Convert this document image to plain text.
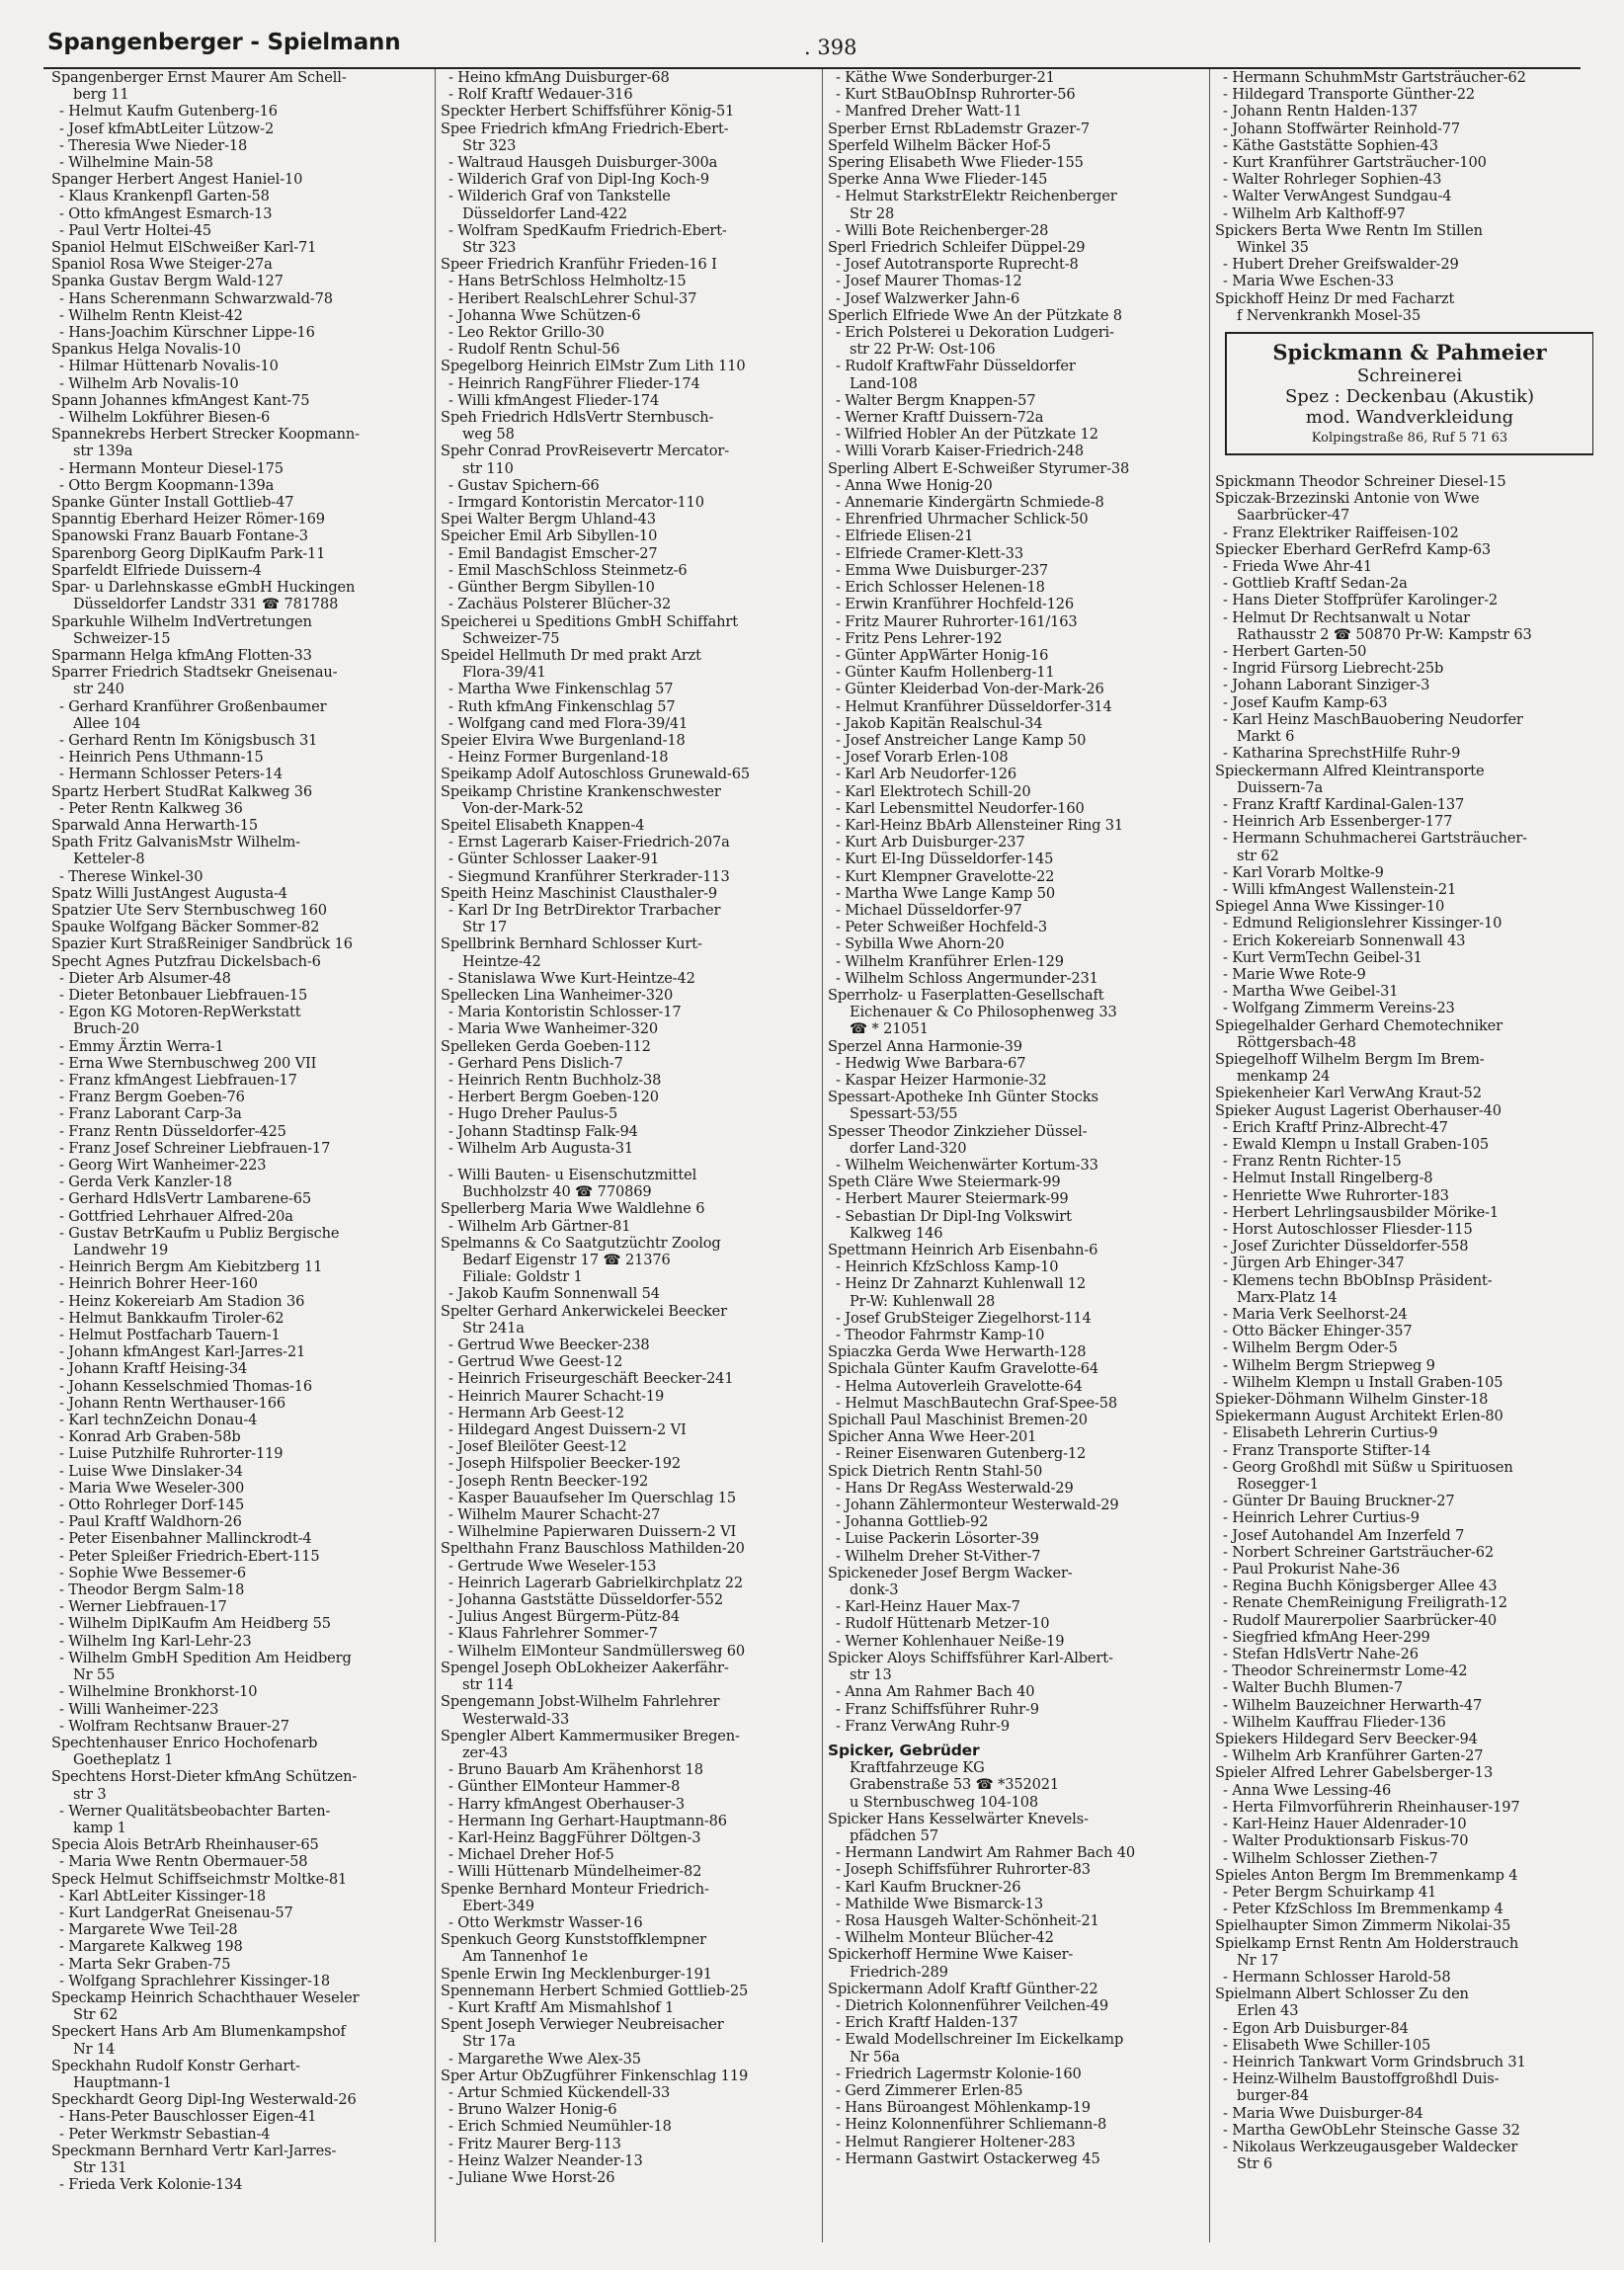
Spangenberger - Spielmann	. 398
Spangenberger Ernst Maurer Am Schell-
berg 11
- Helmut Kaufm Gutenberg-16
- Josef kfmAbtLeiter Lützow-2
- Theresia Wwe Nieder-18
- Wilhelmine Main-58
Spanger Herbert Angest Haniel-10
- Klaus Krankenpfl Garten-58
- Otto kfmAngest Esmarch-13
- Paul Vertr Holtei-45
Spaniol Helmut ElSchweißer Karl-71
Spaniol Rosa Wwe Steiger-27a
Spanka Gustav Bergm Wald-127
- Hans Scherenmann Schwarzwald-78
- Wilhelm Rentn Kleist-42
- Hans-Joachim Kürschner Lippe-16
Spankus Helga Novalis-10
- Hilmar Hüttenarb Novalis-10
- Wilhelm Arb Novalis-10
Spann Johannes kfmAngest Kant-75
- Wilhelm Lokführer Biesen-6
Spannekrebs Herbert Strecker Koopmann-
str 139a
- Hermann Monteur Diesel-175
- Otto Bergm Koopmann-139a
Spanke Günter Install Gottlieb-47
Spanntig Eberhard Heizer Römer-169
Spanowski Franz Bauarb Fontane-3
Sparenborg Georg DiplKaufm Park-11
Sparfeldt Elfriede Duissern-4
Spar- u Darlehnskasse eGmbH Huckingen
Düsseldorfer Landstr 331 ☎ 781788
Sparkuhle Wilhelm IndVertretungen
Schweizer-15
Sparmann Helga kfmAng Flotten-33
Sparrer Friedrich Stadtsekr Gneisenau-
str 240
- Gerhard Kranführer Großenbaumer
Allee 104
- Gerhard Rentn Im Königsbusch 31
- Heinrich Pens Uthmann-15
- Hermann Schlosser Peters-14
Spartz Herbert StudRat Kalkweg 36
- Peter Rentn Kalkweg 36
Sparwald Anna Herwarth-15
Spath Fritz GalvanisMstr Wilhelm-
Ketteler-8
- Therese Winkel-30
Spatz Willi JustAngest Augusta-4
Spatzier Ute Serv Sternbuschweg 160
Spauke Wolfgang Bäcker Sommer-82
Spazier Kurt StraßReiniger Sandbrück 16
Specht Agnes Putzfrau Dickelsbach-6
- Dieter Arb Alsumer-48
- Dieter Betonbauer Liebfrauen-15
- Egon KG Motoren-RepWerkstatt
Bruch-20
- Emmy Ärztin Werra-1
- Erna Wwe Sternbuschweg 200 VII
- Franz kfmAngest Liebfrauen-17
- Franz Bergm Goeben-76
- Franz Laborant Carp-3a
- Franz Rentn Düsseldorfer-425
- Franz Josef Schreiner Liebfrauen-17
- Georg Wirt Wanheimer-223
- Gerda Verk Kanzler-18
- Gerhard HdlsVertr Lambarene-65
- Gottfried Lehrhauer Alfred-20a
- Gustav BetrKaufm u Publiz Bergische
Landwehr 19
- Heinrich Bergm Am Kiebitzberg 11
- Heinrich Bohrer Heer-160
- Heinz Kokereiarb Am Stadion 36
- Helmut Bankkaufm Tiroler-62
- Helmut Postfacharb Tauern-1
- Johann kfmAngest Karl-Jarres-21
- Johann Kraftf Heising-34
- Johann Kesselschmied Thomas-16
- Johann Rentn Werthauser-166
- Karl technZeichn Donau-4
- Konrad Arb Graben-58b
- Luise Putzhilfe Ruhrorter-119
- Luise Wwe Dinslaker-34
- Maria Wwe Weseler-300
- Otto Rohrleger Dorf-145
- Paul Kraftf Waldhorn-26
- Peter Eisenbahner Mallinckrodt-4
- Peter Spleißer Friedrich-Ebert-115
- Sophie Wwe Bessemer-6
- Theodor Bergm Salm-18
- Werner Liebfrauen-17
- Wilhelm DiplKaufm Am Heidberg 55
- Wilhelm Ing Karl-Lehr-23
- Wilhelm GmbH Spedition Am Heidberg
Nr 55
- Wilhelmine Bronkhorst-10
- Willi Wanheimer-223
- Wolfram Rechtsanw Brauer-27
Spechtenhauser Enrico Hochofenarb
Goetheplatz 1
Spechtens Horst-Dieter kfmAng Schützen-
str 3
- Werner Qualitätsbeobachter Barten-
kamp 1
Specia Alois BetrArb Rheinhauser-65
- Maria Wwe Rentn Obermauer-58
Speck Helmut Schiffseichmstr Moltke-81
- Karl AbtLeiter Kissinger-18
- Kurt LandgerRat Gneisenau-57
- Margarete Wwe Teil-28
- Margarete Kalkweg 198
- Marta Sekr Graben-75
- Wolfgang Sprachlehrer Kissinger-18
Speckamp Heinrich Schachthauer Weseler
Str 62
Speckert Hans Arb Am Blumenkampshof
Nr 14
Speckhahn Rudolf Konstr Gerhart-
Hauptmann-1
Speckhardt Georg Dipl-Ing Westerwald-26
- Hans-Peter Bauschlosser Eigen-41
- Peter Werkmstr Sebastian-4
Speckmann Bernhard Vertr Karl-Jarres-
Str 131
- Frieda Verk Kolonie-134
- Heino kfmAng Duisburger-68
- Rolf Kraftf Wedauer-316
Speckter Herbert Schiffsführer König-51
Spee Friedrich kfmAng Friedrich-Ebert-
Str 323
- Waltraud Hausgeh Duisburger-300a
- Wilderich Graf von Dipl-Ing Koch-9
- Wilderich Graf von Tankstelle
Düsseldorfer Land-422
- Wolfram SpedKaufm Friedrich-Ebert-
Str 323
Speer Friedrich Kranführ Frieden-16 I
- Hans BetrSchloss Helmholtz-15
- Heribert RealschLehrer Schul-37
- Johanna Wwe Schützen-6
- Leo Rektor Grillo-30
- Rudolf Rentn Schul-56
Spegelborg Heinrich ElMstr Zum Lith 110
- Heinrich RangFührer Flieder-174
- Willi kfmAngest Flieder-174
Speh Friedrich HdlsVertr Sternbusch-
weg 58
Spehr Conrad ProvReisevertr Mercator-
str 110
- Gustav Spichern-66
- Irmgard Kontoristin Mercator-110
Spei Walter Bergm Uhland-43
Speicher Emil Arb Sibyllen-10
- Emil Bandagist Emscher-27
- Emil MaschSchloss Steinmetz-6
- Günther Bergm Sibyllen-10
- Zachäus Polsterer Blücher-32
Speicherei u Speditions GmbH Schiffahrt
Schweizer-75
Speidel Hellmuth Dr med prakt Arzt
Flora-39/41
- Martha Wwe Finkenschlag 57
- Ruth kfmAng Finkenschlag 57
- Wolfgang cand med Flora-39/41
Speier Elvira Wwe Burgenland-18
- Heinz Former Burgenland-18
Speikamp Adolf Autoschloss Grunewald-65
Speikamp Christine Krankenschwester
Von-der-Mark-52
Speitel Elisabeth Knappen-4
- Ernst Lagerarb Kaiser-Friedrich-207a
- Günter Schlosser Laaker-91
- Siegmund Kranführer Sterkrader-113
Speith Heinz Maschinist Clausthaler-9
- Karl Dr Ing BetrDirektor Trarbacher
Str 17
Spellbrink Bernhard Schlosser Kurt-
Heintze-42
- Stanislawa Wwe Kurt-Heintze-42
Spellecken Lina Wanheimer-320
- Maria Kontoristin Schlosser-17
- Maria Wwe Wanheimer-320
Spelleken Gerda Goeben-112
- Gerhard Pens Dislich-7
- Heinrich Rentn Buchholz-38
- Herbert Bergm Goeben-120
- Hugo Dreher Paulus-5
- Johann Stadtinsp Falk-94
- Wilhelm Arb Augusta-31
- Willi Bauten- u Eisenschutzmittel
Buchholzstr 40 ☎ 770869
Spellerberg Maria Wwe Waldlehne 6
- Wilhelm Arb Gärtner-81
Spelmanns & Co Saatgutzüchtr Zoolog
Bedarf Eigenstr 17 ☎ 21376
Filiale: Goldstr 1
- Jakob Kaufm Sonnenwall 54
Spelter Gerhard Ankerwickelei Beecker
Str 241a
- Gertrud Wwe Beecker-238
- Gertrud Wwe Geest-12
- Heinrich Friseurgeschäft Beecker-241
- Heinrich Maurer Schacht-19
- Hermann Arb Geest-12
- Hildegard Angest Duissern-2 VI
- Josef Bleilöter Geest-12
- Joseph Hilfspolier Beecker-192
- Joseph Rentn Beecker-192
- Kasper Bauaufseher Im Querschlag 15
- Wilhelm Maurer Schacht-27
- Wilhelmine Papierwaren Duissern-2 VI
Spelthahn Franz Bauschloss Mathilden-20
- Gertrude Wwe Weseler-153
- Heinrich Lagerarb Gabrielkirchplatz 22
- Johanna Gaststätte Düsseldorfer-552
- Julius Angest Bürgerm-Pütz-84
- Klaus Fahrlehrer Sommer-7
- Wilhelm ElMonteur Sandmüllersweg 60
Spengel Joseph ObLokheizer Aakerfähr-
str 114
Spengemann Jobst-Wilhelm Fahrlehrer
Westerwald-33
Spengler Albert Kammermusiker Bregen-
zer-43
- Bruno Bauarb Am Krähenhorst 18
- Günther ElMonteur Hammer-8
- Harry kfmAngest Oberhauser-3
- Hermann Ing Gerhart-Hauptmann-86
- Karl-Heinz BaggFührer Döltgen-3
- Michael Dreher Hof-5
- Willi Hüttenarb Mündelheimer-82
Spenke Bernhard Monteur Friedrich-
Ebert-349
- Otto Werkmstr Wasser-16
Spenkuch Georg Kunststoffklempner
Am Tannenhof 1e
Spenle Erwin Ing Mecklenburger-191
Spennemann Herbert Schmied Gottlieb-25
- Kurt Kraftf Am Mismahlshof 1
Spent Joseph Verwieger Neubreisacher
Str 17a
- Margarethe Wwe Alex-35
Sper Artur ObZugführer Finkenschlag 119
- Artur Schmied Kückendell-33
- Bruno Walzer Honig-6
- Erich Schmied Neumühler-18
- Fritz Maurer Berg-113
- Heinz Walzer Neander-13
- Juliane Wwe Horst-26
- Käthe Wwe Sonderburger-21
- Kurt StBauObInsp Ruhrorter-56
- Manfred Dreher Watt-11
Sperber Ernst RbLademstr Grazer-7
Sperfeld Wilhelm Bäcker Hof-5
Spering Elisabeth Wwe Flieder-155
Sperke Anna Wwe Flieder-145
- Helmut StarkstrElektr Reichenberger
Str 28
- Willi Bote Reichenberger-28
Sperl Friedrich Schleifer Düppel-29
- Josef Autotransporte Ruprecht-8
- Josef Maurer Thomas-12
- Josef Walzwerker Jahn-6
Sperlich Elfriede Wwe An der Pützkate 8
- Erich Polsterei u Dekoration Ludgeri-
str 22 Pr-W: Ost-106
- Rudolf KraftwFahr Düsseldorfer
Land-108
- Walter Bergm Knappen-57
- Werner Kraftf Duissern-72a
- Wilfried Hobler An der Pützkate 12
- Willi Vorarb Kaiser-Friedrich-248
Sperling Albert E-Schweißer Styrumer-38
- Anna Wwe Honig-20
- Annemarie Kindergärtn Schmiede-8
- Ehrenfried Uhrmacher Schlick-50
- Elfriede Elisen-21
- Elfriede Cramer-Klett-33
- Emma Wwe Duisburger-237
- Erich Schlosser Helenen-18
- Erwin Kranführer Hochfeld-126
- Fritz Maurer Ruhrorter-161/163
- Fritz Pens Lehrer-192
- Günter AppWärter Honig-16
- Günter Kaufm Hollenberg-11
- Günter Kleiderbad Von-der-Mark-26
- Helmut Kranführer Düsseldorfer-314
- Jakob Kapitän Realschul-34
- Josef Anstreicher Lange Kamp 50
- Josef Vorarb Erlen-108
- Karl Arb Neudorfer-126
- Karl Elektrotech Schill-20
- Karl Lebensmittel Neudorfer-160
- Karl-Heinz BbArb Allensteiner Ring 31
- Kurt Arb Duisburger-237
- Kurt El-Ing Düsseldorfer-145
- Kurt Klempner Gravelotte-22
- Martha Wwe Lange Kamp 50
- Michael Düsseldorfer-97
- Peter Schweißer Hochfeld-3
- Sybilla Wwe Ahorn-20
- Wilhelm Kranführer Erlen-129
- Wilhelm Schloss Angermunder-231
Sperrholz- u Faserplatten-Gesellschaft
Eichenauer & Co Philosophenweg 33
☎ * 21051
Sperzel Anna Harmonie-39
- Hedwig Wwe Barbara-67
- Kaspar Heizer Harmonie-32
Spessart-Apotheke Inh Günter Stocks
Spessart-53/55
Spesser Theodor Zinkzieher Düssel-
dorfer Land-320
- Wilhelm Weichenwärter Kortum-33
Speth Cläre Wwe Steiermark-99
- Herbert Maurer Steiermark-99
- Sebastian Dr Dipl-Ing Volkswirt
Kalkweg 146
Spettmann Heinrich Arb Eisenbahn-6
- Heinrich KfzSchloss Kamp-10
- Heinz Dr Zahnarzt Kuhlenwall 12
Pr-W: Kuhlenwall 28
- Josef GrubSteiger Ziegelhorst-114
- Theodor Fahrmstr Kamp-10
Spiaczka Gerda Wwe Herwarth-128
Spichala Günter Kaufm Gravelotte-64
- Helma Autoverleih Gravelotte-64
- Helmut MaschBautechn Graf-Spee-58
Spichall Paul Maschinist Bremen-20
Spicher Anna Wwe Heer-201
- Reiner Eisenwaren Gutenberg-12
Spick Dietrich Rentn Stahl-50
- Hans Dr RegAss Westerwald-29
- Johann Zählermonteur Westerwald-29
- Johanna Gottlieb-92
- Luise Packerin Lösorter-39
- Wilhelm Dreher St-Vither-7
Spickeneder Josef Bergm Wacker-
donk-3
- Karl-Heinz Hauer Max-7
- Rudolf Hüttenarb Metzer-10
- Werner Kohlenhauer Neiße-19
Spicker Aloys Schiffsführer Karl-Albert-
str 13
- Anna Am Rahmer Bach 40
- Franz Schiffsführer Ruhr-9
- Franz VerwAng Ruhr-9
Spicker, Gebrüder
Kraftfahrzeuge KG
Grabenstraße 53 ☎ *352021
u Sternbuschweg 104-108
Spicker Hans Kesselwärter Knevels-
pfädchen 57
- Hermann Landwirt Am Rahmer Bach 40
- Joseph Schiffsführer Ruhrorter-83
- Karl Kaufm Bruckner-26
- Mathilde Wwe Bismarck-13
- Rosa Hausgeh Walter-Schönheit-21
- Wilhelm Monteur Blücher-42
Spickerhoff Hermine Wwe Kaiser-
Friedrich-289
Spickermann Adolf Kraftf Günther-22
- Dietrich Kolonnenführer Veilchen-49
- Erich Kraftf Halden-137
- Ewald Modellschreiner Im Eickelkamp
Nr 56a
- Friedrich Lagermstr Kolonie-160
- Gerd Zimmerer Erlen-85
- Hans Büroangest Möhlenkamp-19
- Heinz Kolonnenführer Schliemann-8
- Helmut Rangierer Holtener-283
- Hermann Gastwirt Ostackerweg 45
- Hermann SchuhmMstr Gartsträucher-62
- Hildegard Transporte Günther-22
- Johann Rentn Halden-137
- Johann Stoffwärter Reinhold-77
- Käthe Gaststätte Sophien-43
- Kurt Kranführer Gartsträucher-100
- Walter Rohrleger Sophien-43
- Walter VerwAngest Sundgau-4
- Wilhelm Arb Kalthoff-97
Spickers Berta Wwe Rentn Im Stillen
Winkel 35
- Hubert Dreher Greifswalder-29
- Maria Wwe Eschen-33
Spickhoff Heinz Dr med Facharzt
f Nervenkrankh Mosel-35
Spickmann & Pahmeier
Schreinerei
Spez : Deckenbau (Akustik)
mod. Wandverkleidung
Kolpingstraße 86, Ruf 5 71 63
Spickmann Theodor Schreiner Diesel-15
Spiczak-Brzezinski Antonie von Wwe
Saarbrücker-47
- Franz Elektriker Raiffeisen-102
Spiecker Eberhard GerRefrd Kamp-63
- Frieda Wwe Ahr-41
- Gottlieb Kraftf Sedan-2a
- Hans Dieter Stoffprüfer Karolinger-2
- Helmut Dr Rechtsanwalt u Notar
Rathausstr 2 ☎ 50870 Pr-W: Kampstr 63
- Herbert Garten-50
- Ingrid Fürsorg Liebrecht-25b
- Johann Laborant Sinziger-3
- Josef Kaufm Kamp-63
- Karl Heinz MaschBauobering Neudorfer
Markt 6
- Katharina SprechstHilfe Ruhr-9
Spieckermann Alfred Kleintransporte
Duissern-7a
- Franz Kraftf Kardinal-Galen-137
- Heinrich Arb Essenberger-177
- Hermann Schuhmacherei Gartsträucher-
str 62
- Karl Vorarb Moltke-9
- Willi kfmAngest Wallenstein-21
Spiegel Anna Wwe Kissinger-10
- Edmund Religionslehrer Kissinger-10
- Erich Kokereiarb Sonnenwall 43
- Kurt VermTechn Geibel-31
- Marie Wwe Rote-9
- Martha Wwe Geibel-31
- Wolfgang Zimmerm Vereins-23
Spiegelhalder Gerhard Chemotechniker
Röttgersbach-48
Spiegelhoff Wilhelm Bergm Im Brem-
menkamp 24
Spiekenheier Karl VerwAng Kraut-52
Spieker August Lagerist Oberhauser-40
- Erich Kraftf Prinz-Albrecht-47
- Ewald Klempn u Install Graben-105
- Franz Rentn Richter-15
- Helmut Install Ringelberg-8
- Henriette Wwe Ruhrorter-183
- Herbert Lehrlingsausbilder Mörike-1
- Horst Autoschlosser Fliesder-115
- Josef Zurichter Düsseldorfer-558
- Jürgen Arb Ehinger-347
- Klemens techn BbObInsp Präsident-
Marx-Platz 14
- Maria Verk Seelhorst-24
- Otto Bäcker Ehinger-357
- Wilhelm Bergm Oder-5
- Wilhelm Bergm Striepweg 9
- Wilhelm Klempn u Install Graben-105
Spieker-Döhmann Wilhelm Ginster-18
Spiekermann August Architekt Erlen-80
- Elisabeth Lehrerin Curtius-9
- Franz Transporte Stifter-14
- Georg Großhdl mit Süßw u Spirituosen
Rosegger-1
- Günter Dr Bauing Bruckner-27
- Heinrich Lehrer Curtius-9
- Josef Autohandel Am Inzerfeld 7
- Norbert Schreiner Gartsträucher-62
- Paul Prokurist Nahe-36
- Regina Buchh Königsberger Allee 43
- Renate ChemReinigung Freiligrath-12
- Rudolf Maurerpolier Saarbrücker-40
- Siegfried kfmAng Heer-299
- Stefan HdlsVertr Nahe-26
- Theodor Schreinermstr Lome-42
- Walter Buchh Blumen-7
- Wilhelm Bauzeichner Herwarth-47
- Wilhelm Kauffrau Flieder-136
Spiekers Hildegard Serv Beecker-94
- Wilhelm Arb Kranführer Garten-27
Spieler Alfred Lehrer Gabelsberger-13
- Anna Wwe Lessing-46
- Herta Filmvorführerin Rheinhauser-197
- Karl-Heinz Hauer Aldenrader-10
- Walter Produktionsarb Fiskus-70
- Wilhelm Schlosser Ziethen-7
Spieles Anton Bergm Im Bremmenkamp 4
- Peter Bergm Schuirkamp 41
- Peter KfzSchloss Im Bremmenkamp 4
Spielhaupter Simon Zimmerm Nikolai-35
Spielkamp Ernst Rentn Am Holderstrauch
Nr 17
- Hermann Schlosser Harold-58
Spielmann Albert Schlosser Zu den
Erlen 43
- Egon Arb Duisburger-84
- Elisabeth Wwe Schiller-105
- Heinrich Tankwart Vorm Grindsbruch 31
- Heinz-Wilhelm Baustoffgroßhdl Duis-
burger-84
- Maria Wwe Duisburger-84
- Martha GewObLehr Steinsche Gasse 32
- Nikolaus Werkzeugausgeber Waldecker
Str 6
